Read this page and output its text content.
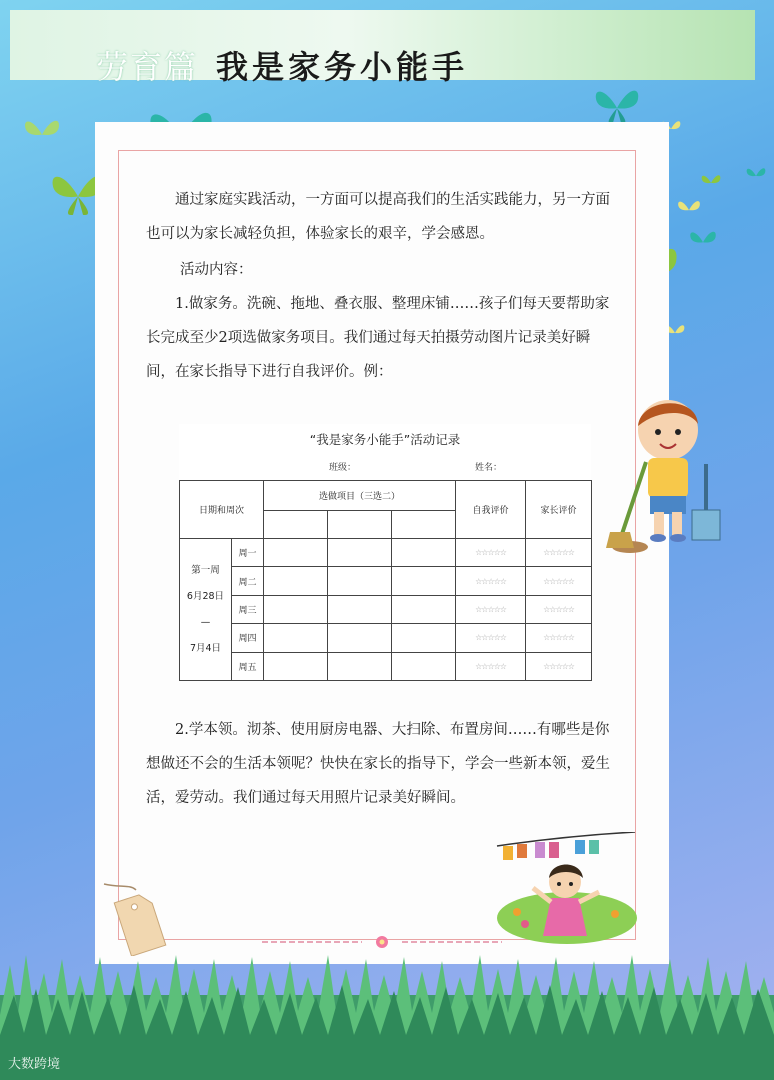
劳育篇 我是家务小能手

通过家庭实践活动，一方面可以提高我们的生活实践能力，另一方面也可以为家长减轻负担，体验家长的艰辛，学会感恩。

活动内容：

1.做家务。洗碗、拖地、叠衣服、整理床铺……孩子们每天要帮助家长完成至少2项选做家务项目。我们通过每天拍摄劳动图片记录美好瞬间，在家长指导下进行自我评价。例：

“我是家务小能手”活动记录
班级：	姓名：
日期和周次		选做项目（三选二）			自我评价	家长评价

第一周
6月28日
—
7月4日	周一				☆☆☆☆☆	☆☆☆☆☆
	周二				☆☆☆☆☆	☆☆☆☆☆
	周三				☆☆☆☆☆	☆☆☆☆☆
	周四				☆☆☆☆☆	☆☆☆☆☆
	周五				☆☆☆☆☆	☆☆☆☆☆

2.学本领。沏茶、使用厨房电器、大扫除、布置房间……有哪些是你想做还不会的生活本领呢？快快在家长的指导下，学会一些新本领，爱生活，爱劳动。我们通过每天用照片记录美好瞬间。

大数跨境
